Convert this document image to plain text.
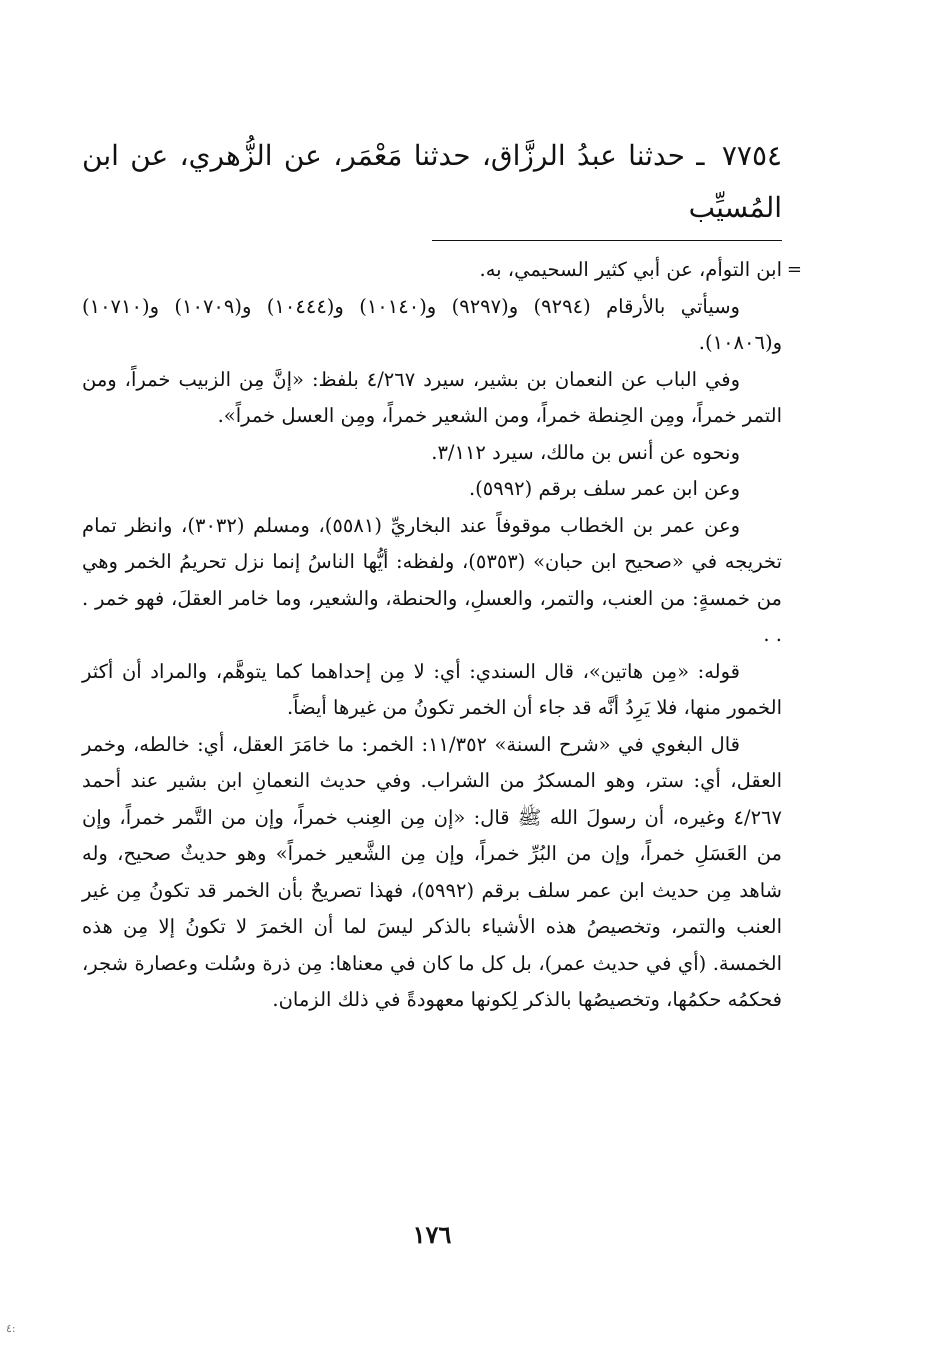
٧٧٥٤ ـ حدثنا عبدُ الرزَّاق، حدثنا مَعْمَر، عن الزُّهري، عن ابن المُسيِّب

=

ابن التوأم، عن أبي كثير السحيمي، به.

وسيأتي بالأرقام (٩٢٩٤) و(٩٢٩٧) و(١٠١٤٠) و(١٠٤٤٤) و(١٠٧٠٩) و(١٠٧١٠) و(١٠٨٠٦).

وفي الباب عن النعمان بن بشير، سيرد ٤/٢٦٧ بلفظ: «إنَّ مِن الزبيب خمراً، ومن التمر خمراً، ومِن الحِنطة خمراً، ومن الشعير خمراً، ومِن العسل خمراً».

ونحوه عن أنس بن مالك، سيرد ٣/١١٢.

وعن ابن عمر سلف برقم (٥٩٩٢).

وعن عمر بن الخطاب موقوفاً عند البخاريِّ (٥٥٨١)، ومسلم (٣٠٣٢)، وانظر تمام تخريجه في «صحيح ابن حبان» (٥٣٥٣)، ولفظه: أيُّها الناسُ إنما نزل تحريمُ الخمر وهي من خمسةٍ: من العنب، والتمر، والعسلِ، والحنطة، والشعير، وما خامر العقلَ، فهو خمر . . .

قوله: «مِن هاتين»، قال السندي: أي: لا مِن إحداهما كما يتوهَّم، والمراد أن أكثر الخمور منها، فلا يَرِدُ أنَّه قد جاء أن الخمر تكونُ من غيرها أيضاً.

قال البغوي في «شرح السنة» ١١/٣٥٢: الخمر: ما خامَرَ العقل، أي: خالطه، وخمر العقل، أي: ستر، وهو المسكرُ من الشراب. وفي حديث النعمانِ ابن بشير عند أحمد ٤/٢٦٧ وغيره، أن رسولَ الله ﷺ قال: «إن مِن العِنب خمراً، وإن من التَّمر خمراً، وإن من العَسَلِ خمراً، وإن من البُرِّ خمراً، وإن مِن الشَّعير خمراً» وهو حديثٌ صحيح، وله شاهد مِن حديث ابن عمر سلف برقم (٥٩٩٢)، فهذا تصريحٌ بأن الخمر قد تكونُ مِن غير العنب والتمر، وتخصيصُ هذه الأشياء بالذكر ليسَ لما أن الخمرَ لا تكونُ إلا مِن هذه الخمسة. (أي في حديث عمر)، بل كل ما كان في معناها: مِن ذرة وسُلت وعصارة شجر، فحكمُه حكمُها، وتخصيصُها بالذكر لِكونها معهودةً في ذلك الزمان.

١٧٦
٤:
